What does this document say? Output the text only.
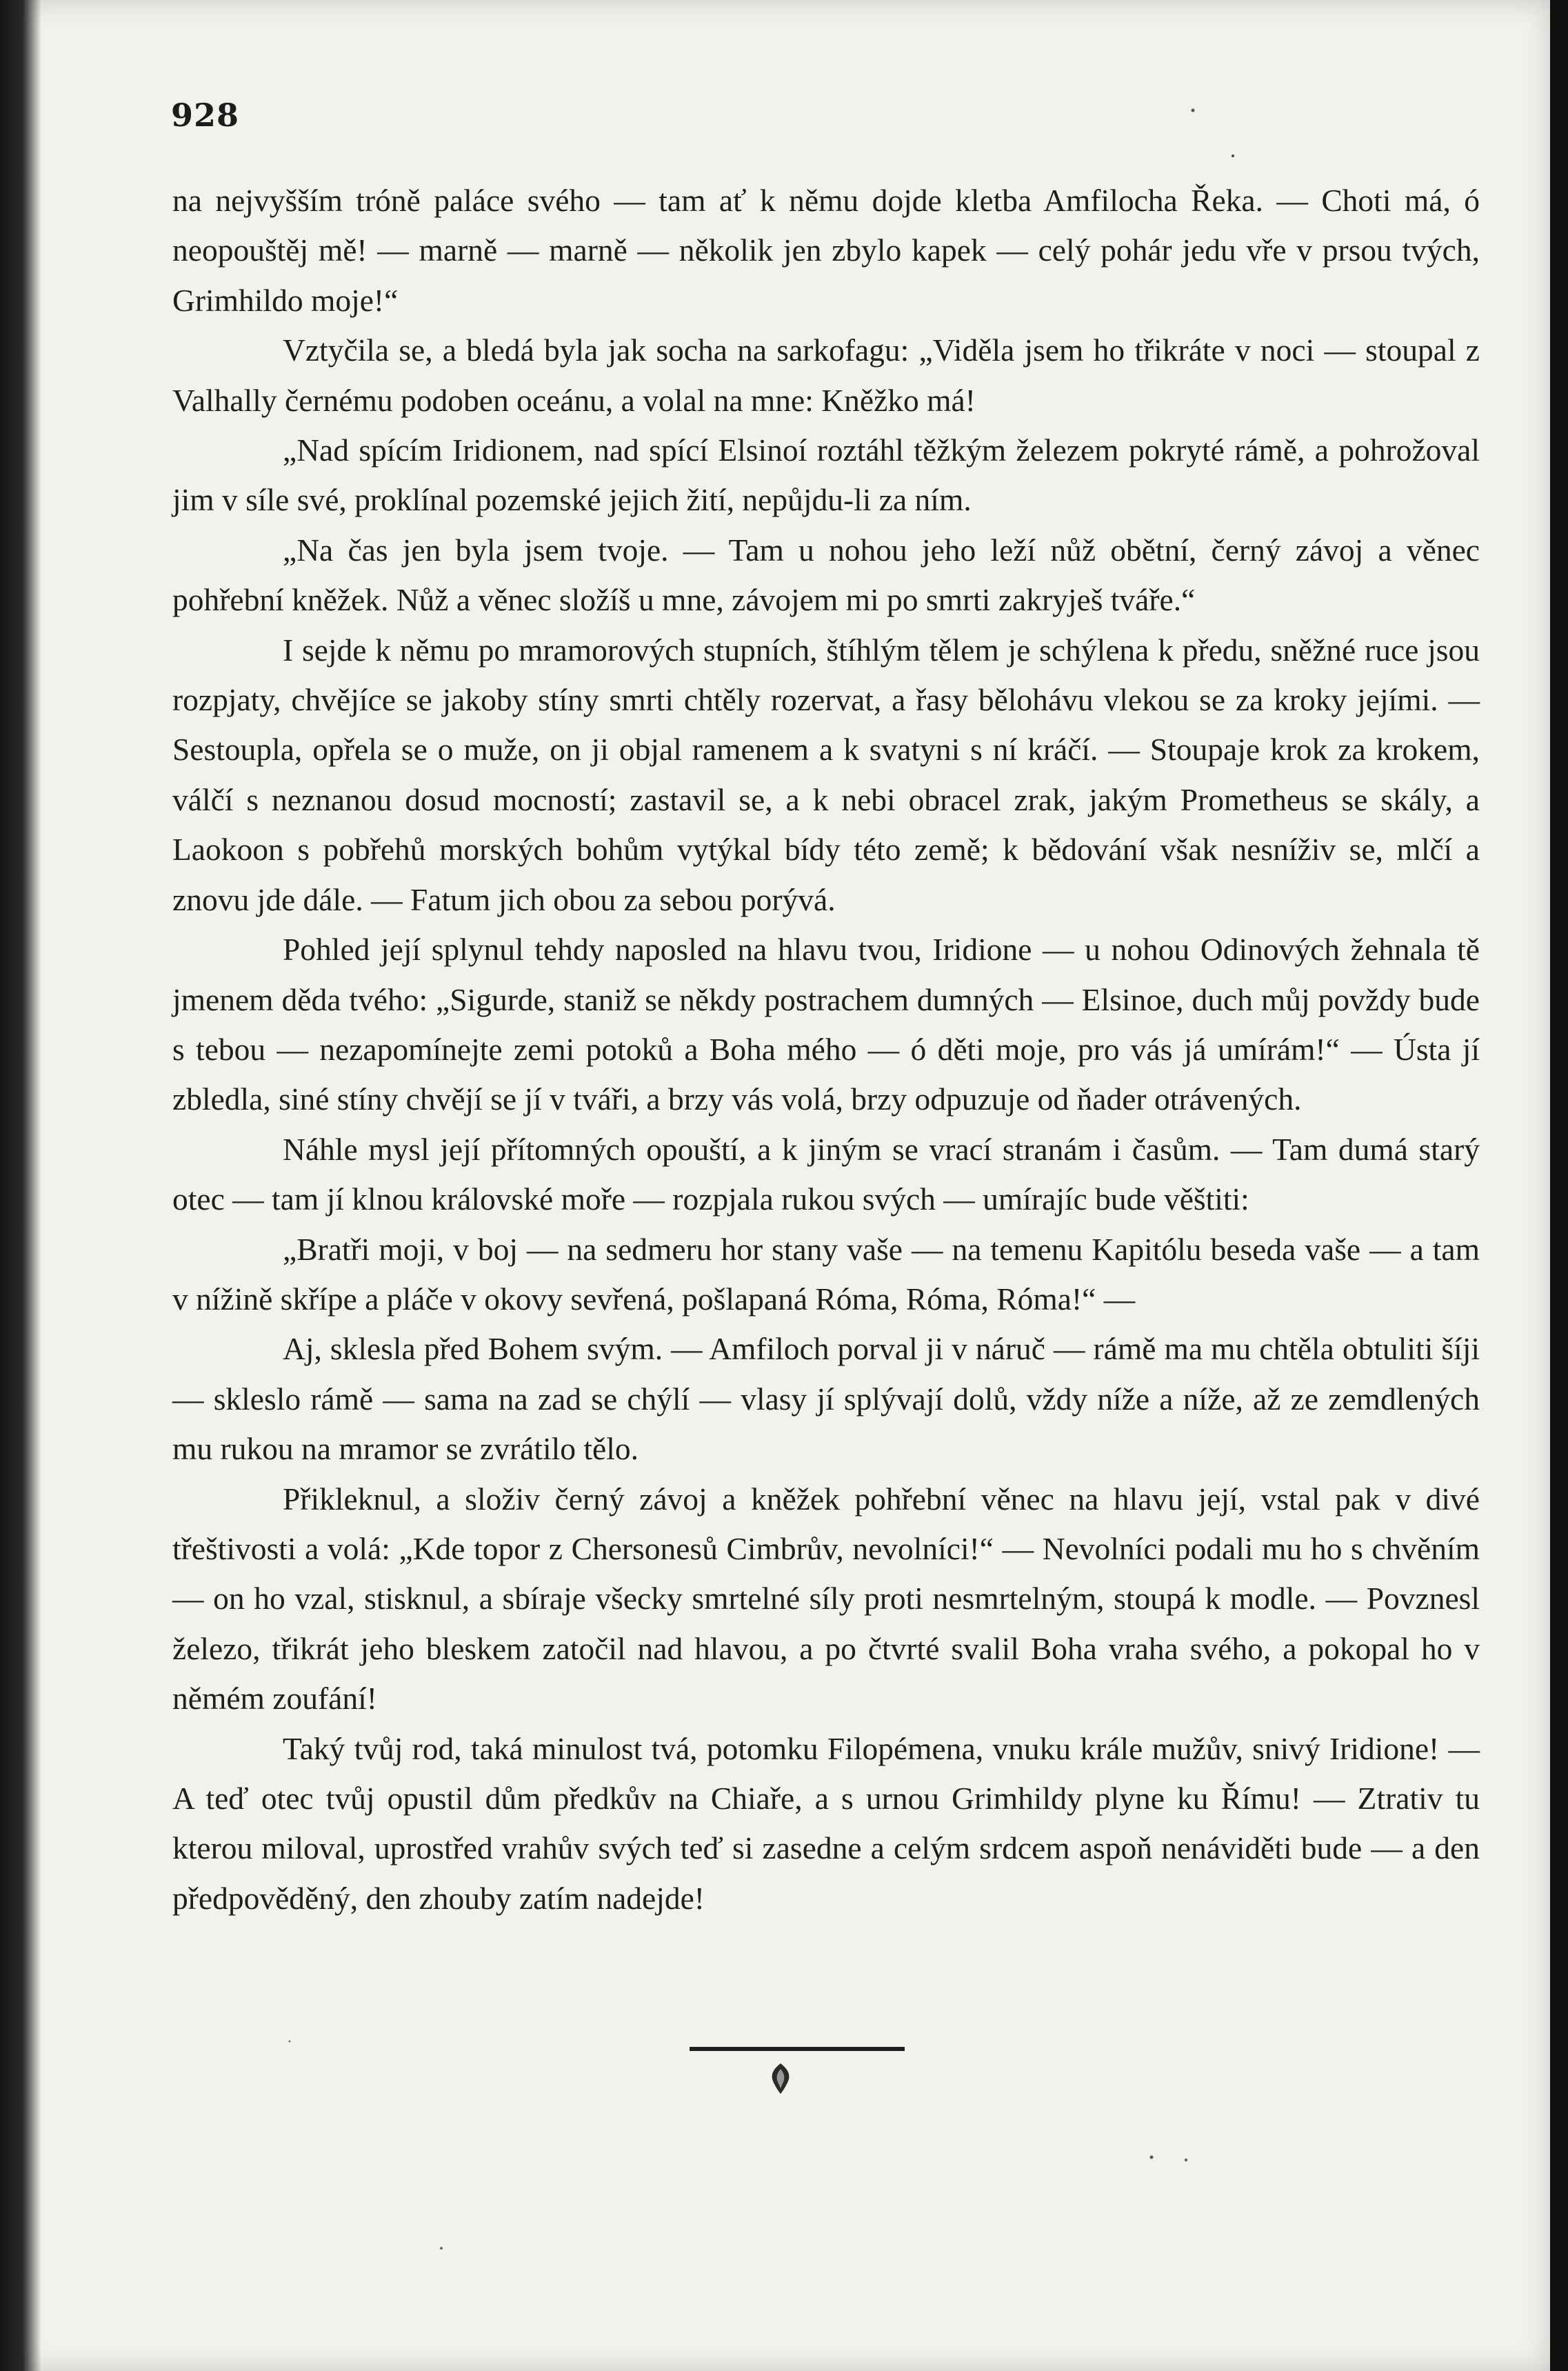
928

na nejvyšším tróně paláce svého — tam ať k němu dojde kletba Amfilocha Řeka. — Choti má, ó neopouštěj mě! — marně — marně — několik jen zbylo kapek — celý pohár jedu vře v prsou tvých, Grimhildo moje!“

Vztyčila se, a bledá byla jak socha na sarkofagu: „Viděla jsem ho třikráte v noci — stoupal z Valhally černému podoben oceánu, a volal na mne: Kněžko má!

„Nad spícím Iridionem, nad spící Elsinoí roztáhl těžkým železem pokryté rámě, a pohrožoval jim v síle své, proklínal pozemské jejich žití, nepůjdu-li za ním.

„Na čas jen byla jsem tvoje. — Tam u nohou jeho leží nůž obětní, černý závoj a věnec pohřební kněžek. Nůž a věnec složíš u mne, závojem mi po smrti zakryješ tváře.“

I sejde k němu po mramorových stupních, štíhlým tělem je schýlena k předu, sněžné ruce jsou rozpjaty, chvějíce se jakoby stíny smrti chtěly rozervat, a řasy bělohávu vlekou se za kroky jejími. — Sestoupla, opřela se o muže, on ji objal ramenem a k svatyni s ní kráčí. — Stoupaje krok za krokem, válčí s neznanou dosud mocností; zastavil se, a k nebi obracel zrak, jakým Prometheus se skály, a Laokoon s pobřehů morských bohům vytýkal bídy této země; k bědování však nesníživ se, mlčí a znovu jde dále. — Fatum jich obou za sebou porývá.

Pohled její splynul tehdy naposled na hlavu tvou, Iridione — u nohou Odinových žehnala tě jmenem děda tvého: „Sigurde, staniž se někdy postrachem dumných — Elsinoe, duch můj povždy bude s tebou — nezapomínejte zemi potoků a Boha mého — ó děti moje, pro vás já umírám!“ — Ústa jí zbledla, siné stíny chvějí se jí v tváři, a brzy vás volá, brzy odpuzuje od ňader otrávených.

Náhle mysl její přítomných opouští, a k jiným se vrací stranám i časům. — Tam dumá starý otec — tam jí klnou královské moře — rozpjala rukou svých — umírajíc bude věštiti:

„Bratři moji, v boj — na sedmeru hor stany vaše — na temenu Kapitólu beseda vaše — a tam v nížině skřípe a pláče v okovy sevřená, pošlapaná Róma, Róma, Róma!“ —

Aj, sklesla před Bohem svým. — Amfiloch porval ji v náruč — rámě ma mu chtěla obtuliti šíji — skleslo rámě — sama na zad se chýlí — vlasy jí splývají dolů, vždy níže a níže, až ze zemdlených mu rukou na mramor se zvrátilo tělo.

Přikleknul, a složiv černý závoj a kněžek pohřební věnec na hlavu její, vstal pak v divé třeštivosti a volá: „Kde topor z Chersonesů Cimbrův, nevolníci!“ — Nevolníci podali mu ho s chvěním — on ho vzal, stisknul, a sbíraje všecky smrtelné síly proti nesmrtelným, stoupá k modle. — Povznesl železo, třikrát jeho bleskem zatočil nad hlavou, a po čtvrté svalil Boha vraha svého, a pokopal ho v němém zoufání!

Taký tvůj rod, taká minulost tvá, potomku Filopémena, vnuku krále mužův, snivý Iridione! — A teď otec tvůj opustil dům předkův na Chiaře, a s urnou Grimhildy plyne ku Římu! — Ztrativ tu kterou miloval, uprostřed vrahův svých teď si zasedne a celým srdcem aspoň nenáviděti bude — a den předpověděný, den zhouby zatím nadejde!
